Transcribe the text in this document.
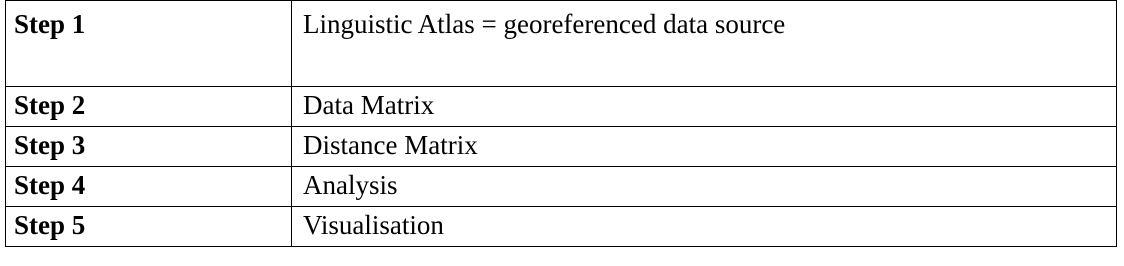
Step 1	Linguistic Atlas = georeferenced data source
Step 2	Data Matrix
Step 3	Distance Matrix
Step 4	Analysis
Step 5	Visualisation
